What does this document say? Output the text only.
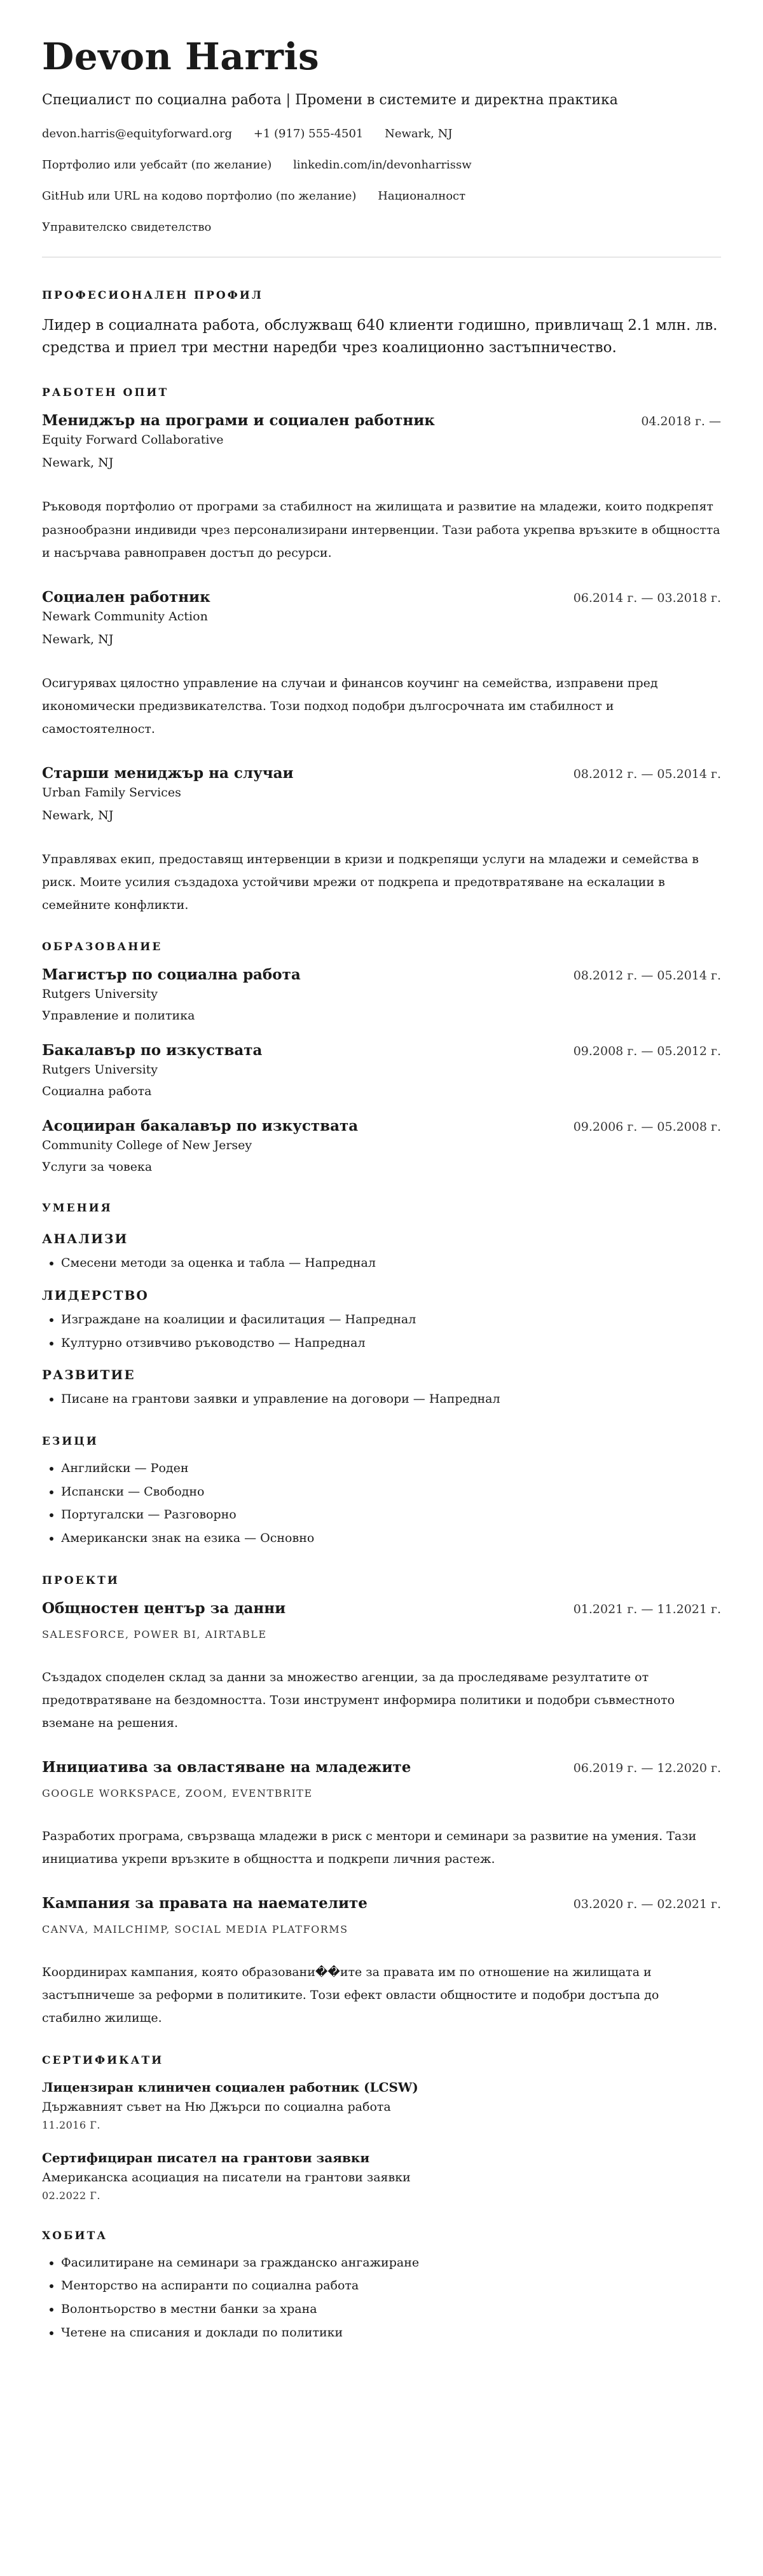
Devon Harris
Специалист по социална работа | Промени в системите и директна практика
devon.harris@equityforward.org +1 (917) 555-4501 Newark, NJ
Портфолио или уебсайт (по желание) linkedin.com/in/devonharrissw
GitHub или URL на кодово портфолио (по желание) Националност
Управителско свидетелство
ПРОФЕСИОНАЛЕН ПРОФИЛ
Лидер в социалната работа, обслужващ 640 клиенти годишно, привличащ 2.1 млн. лв. средства и приел три местни наредби чрез коалиционно застъпничество.
РАБОТЕН ОПИТ
Мениджър на програми и социален работник	04.2018 г. —
Equity Forward Collaborative
Newark, NJ
Ръководя портфолио от програми за стабилност на жилищата и развитие на младежи, които подкрепят разнообразни индивиди чрез персонализирани интервенции. Тази работа укрепва връзките в общността и насърчава равноправен достъп до ресурси.
Социален работник	06.2014 г. — 03.2018 г.
Newark Community Action
Newark, NJ
Осигурявах цялостно управление на случаи и финансов коучинг на семейства, изправени пред икономически предизвикателства. Този подход подобри дългосрочната им стабилност и самостоятелност.
Старши мениджър на случаи	08.2012 г. — 05.2014 г.
Urban Family Services
Newark, NJ
Управлявах екип, предоставящ интервенции в кризи и подкрепящи услуги на младежи и семейства в риск. Моите усилия създадоха устойчиви мрежи от подкрепа и предотвратяване на ескалации в семейните конфликти.
ОБРАЗОВАНИЕ
Магистър по социална работа	08.2012 г. — 05.2014 г.
Rutgers University
Управление и политика
Бакалавър по изкуствата	09.2008 г. — 05.2012 г.
Rutgers University
Социална работа
Асоцииран бакалавър по изкуствата	09.2006 г. — 05.2008 г.
Community College of New Jersey
Услуги за човека
УМЕНИЯ
АНАЛИЗИ
• Смесени методи за оценка и табла — Напреднал
ЛИДЕРСТВО
• Изграждане на коалиции и фасилитация — Напреднал
• Културно отзивчиво ръководство — Напреднал
РАЗВИТИЕ
• Писане на грантови заявки и управление на договори — Напреднал
ЕЗИЦИ
• Английски — Роден
• Испански — Свободно
• Португалски — Разговорно
• Американски знак на езика — Основно
ПРОЕКТИ
Общностен център за данни	01.2021 г. — 11.2021 г.
SALESFORCE, POWER BI, AIRTABLE
Създадох споделен склад за данни за множество агенции, за да проследяваме резултатите от предотвратяване на бездомността. Този инструмент информира политики и подобри съвместното вземане на решения.
Инициатива за овластяване на младежите	06.2019 г. — 12.2020 г.
GOOGLE WORKSPACE, ZOOM, EVENTBRITE
Разработих програма, свързваща младежи в риск с ментори и семинари за развитие на умения. Тази инициатива укрепи връзките в общността и подкрепи личния растеж.
Кампания за правата на наемателите	03.2020 г. — 02.2021 г.
CANVA, MAILCHIMP, SOCIAL MEDIA PLATFORMS
Координирах кампания, която образовани��ите за правата им по отношение на жилищата и застъпничеше за реформи в политиките. Този ефект овласти общностите и подобри достъпа до стабилно жилище.
СЕРТИФИКАТИ
Лицензиран клиничен социален работник (LCSW)
Държавният съвет на Ню Джърси по социална работа
11.2016 Г.
Сертифициран писател на грантови заявки
Американска асоциация на писатели на грантови заявки
02.2022 Г.
ХОБИТА
• Фасилитиране на семинари за гражданско ангажиране
• Менторство на аспиранти по социална работа
• Волонтьорство в местни банки за храна
• Четене на списания и доклади по политики
